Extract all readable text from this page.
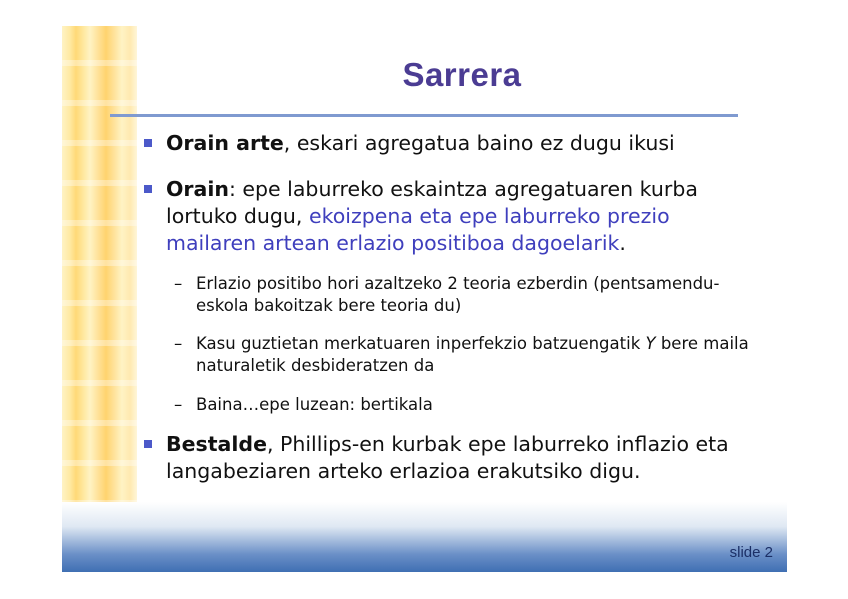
Sarrera
Orain arte, eskari agregatua baino ez dugu ikusi
Orain: epe laburreko eskaintza agregatuaren kurba lortuko dugu, ekoizpena eta epe laburreko prezio mailaren artean erlazio positiboa dagoelarik.
– Erlazio positibo hori azaltzeko 2 teoria ezberdin (pentsamendu-eskola bakoitzak bere teoria du)
– Kasu guztietan merkatuaren inperfekzio batzuengatik Y bere maila naturaletik desbideratzen da
– Baina…epe luzean: bertikala
Bestalde, Phillips-en kurbak epe laburreko inflazio eta langabeziaren arteko erlazioa erakutsiko digu.
slide 2
